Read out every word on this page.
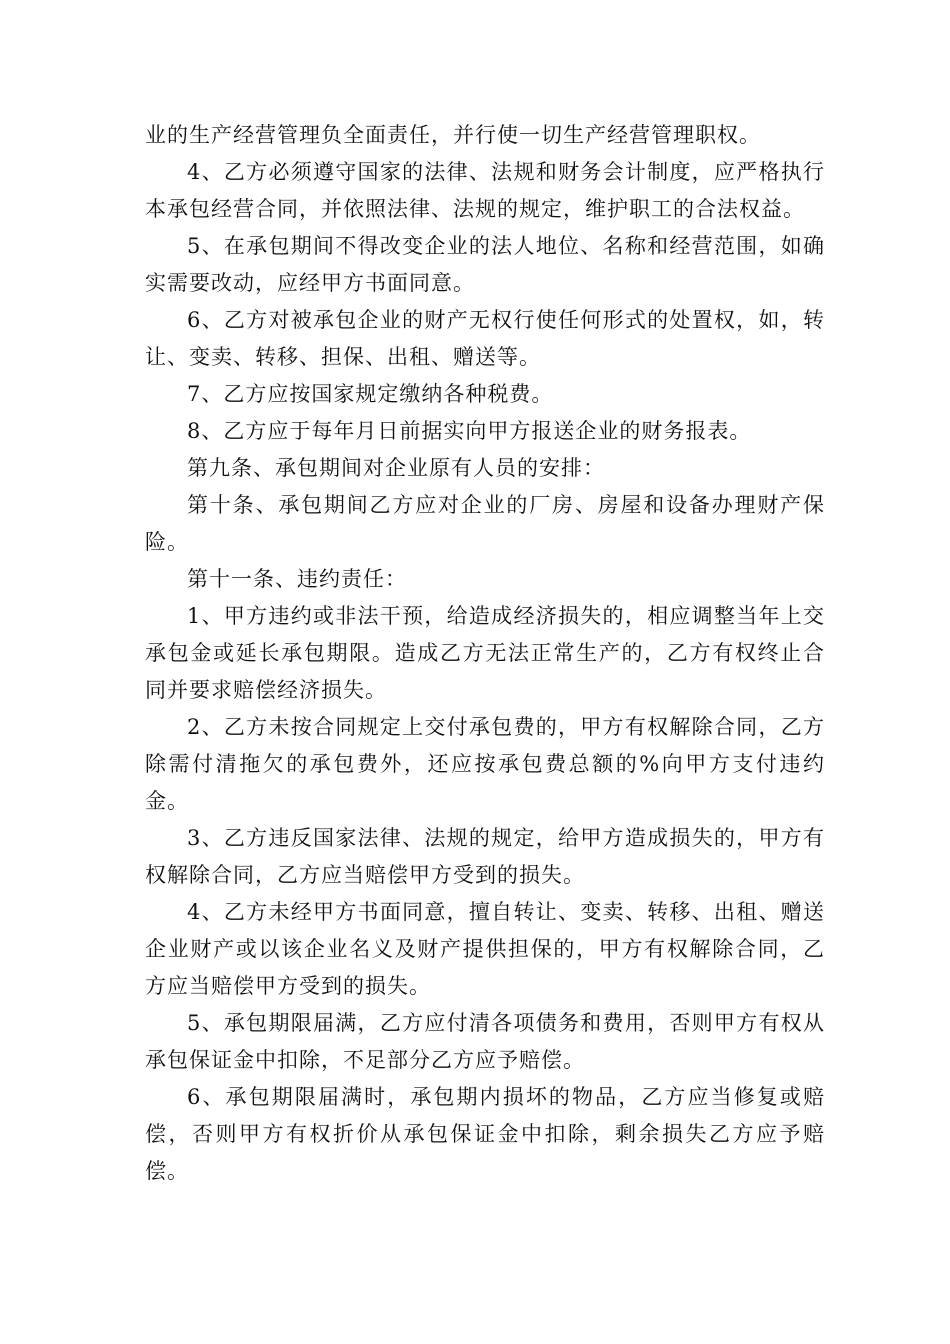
业的生产经营管理负全面责任，并行使一切生产经营管理职权。

4、乙方必须遵守国家的法律、法规和财务会计制度，应严格执行本承包经营合同，并依照法律、法规的规定，维护职工的合法权益。

5、在承包期间不得改变企业的法人地位、名称和经营范围，如确实需要改动，应经甲方书面同意。

6、乙方对被承包企业的财产无权行使任何形式的处置权，如，转让、变卖、转移、担保、出租、赠送等。

7、乙方应按国家规定缴纳各种税费。

8、乙方应于每年月日前据实向甲方报送企业的财务报表。

第九条、承包期间对企业原有人员的安排：

第十条、承包期间乙方应对企业的厂房、房屋和设备办理财产保险。

第十一条、违约责任：

1、甲方违约或非法干预，给造成经济损失的，相应调整当年上交承包金或延长承包期限。造成乙方无法正常生产的，乙方有权终止合同并要求赔偿经济损失。

2、乙方未按合同规定上交付承包费的，甲方有权解除合同，乙方除需付清拖欠的承包费外，还应按承包费总额的%向甲方支付违约金。

3、乙方违反国家法律、法规的规定，给甲方造成损失的，甲方有权解除合同，乙方应当赔偿甲方受到的损失。

4、乙方未经甲方书面同意，擅自转让、变卖、转移、出租、赠送企业财产或以该企业名义及财产提供担保的，甲方有权解除合同，乙方应当赔偿甲方受到的损失。

5、承包期限届满，乙方应付清各项债务和费用，否则甲方有权从承包保证金中扣除，不足部分乙方应予赔偿。

6、承包期限届满时，承包期内损坏的物品，乙方应当修复或赔偿，否则甲方有权折价从承包保证金中扣除，剩余损失乙方应予赔偿。
